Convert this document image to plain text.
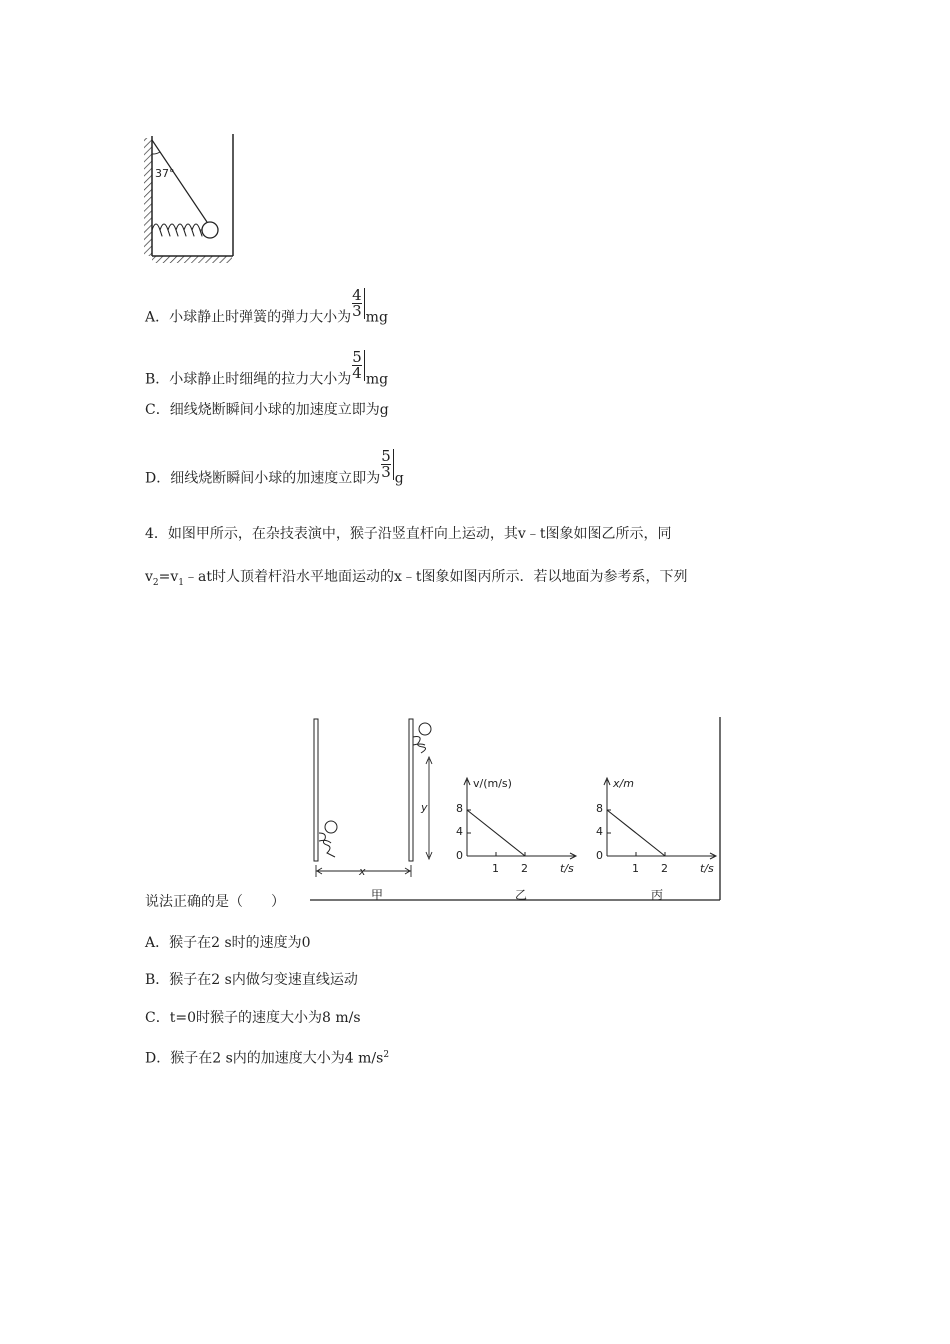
37°
A．小球静止时弹簧的弹力大小为 $\frac{4}{3}$ mg
B．小球静止时细绳的拉力大小为 $\frac{5}{4}$ mg
C．细线烧断瞬间小球的加速度立即为g
D．细线烧断瞬间小球的加速度立即为 $\frac{5}{3}$ g
4．如图甲所示，在杂技表演中，猴子沿竖直杆向上运动，其v﹣t图象如图乙所示，同
$v_2=v_1﹣at$时人顶着杆沿水平地面运动的x﹣t图象如图丙所示．若以地面为参考系，下列
说法正确的是（　　）
y
x
甲
v/(m/s)
t/s
8
4
0
1 2
乙
x/m
t/s
8
4
0
1 2
丙
A．猴子在2 s时的速度为0
B．猴子在2 s内做匀变速直线运动
C．t=0时猴子的速度大小为8 m/s
D．猴子在2 s内的加速度大小为4 $m/s^2$
